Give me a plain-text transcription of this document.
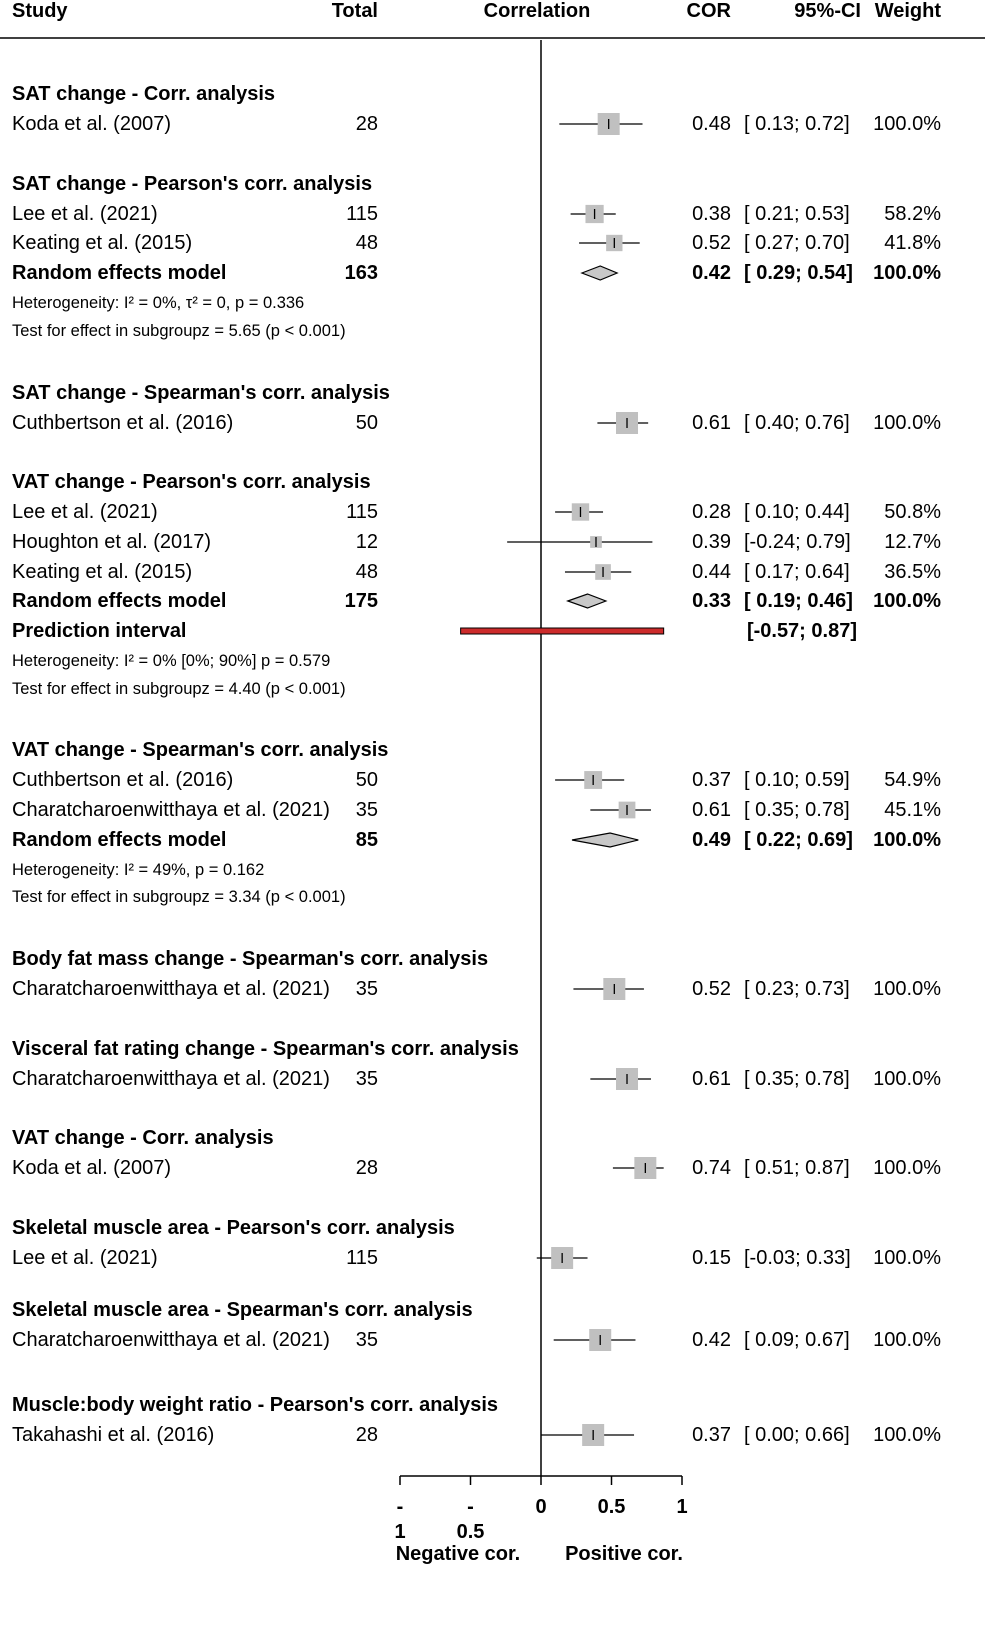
Study	Total	Correlation	COR	95%-CI Weight
SAT change - Corr. analysis
Koda et al. (2007)	28	0.48 [ 0.13; 0.72] 100.0%
SAT change - Pearson's corr. analysis
Lee et al. (2021)	115	0.38 [ 0.21; 0.53] 58.2%
Keating et al. (2015)	48	0.52 [ 0.27; 0.70] 41.8%
Random effects model	163	0.42 [ 0.29; 0.54] 100.0%
Heterogeneity: I² = 0%, τ² = 0, p = 0.336
Test for effect in subgroupz = 5.65 (p < 0.001)
SAT change - Spearman's corr. analysis
Cuthbertson et al. (2016)	50	0.61 [ 0.40; 0.76] 100.0%
VAT change - Pearson's corr. analysis
Lee et al. (2021)	115	0.28 [ 0.10; 0.44] 50.8%
Houghton et al. (2017)	12	0.39 [-0.24; 0.79] 12.7%
Keating et al. (2015)	48	0.44 [ 0.17; 0.64] 36.5%
Random effects model	175	0.33 [ 0.19; 0.46] 100.0%
Prediction interval	[-0.57; 0.87]
Heterogeneity: I² = 0% [0%; 90%] p = 0.579
Test for effect in subgroupz = 4.40 (p < 0.001)
VAT change - Spearman's corr. analysis
Cuthbertson et al. (2016)	50	0.37 [ 0.10; 0.59] 54.9%
Charatcharoenwitthaya et al. (2021) 35	0.61 [ 0.35; 0.78] 45.1%
Random effects model	85	0.49 [ 0.22; 0.69] 100.0%
Heterogeneity: I² = 49%, p = 0.162
Test for effect in subgroupz = 3.34 (p < 0.001)
Body fat mass change - Spearman's corr. analysis
Charatcharoenwitthaya et al. (2021) 35	0.52 [ 0.23; 0.73] 100.0%
Visceral fat rating change - Spearman's corr. analysis
Charatcharoenwitthaya et al. (2021) 35	0.61 [ 0.35; 0.78] 100.0%
VAT change - Corr. analysis
Koda et al. (2007)	28	0.74 [ 0.51; 0.87] 100.0%
Skeletal muscle area - Pearson's corr. analysis
Lee et al. (2021)	115	0.15 [-0.03; 0.33] 100.0%
Skeletal muscle area - Spearman's corr. analysis
Charatcharoenwitthaya et al. (2021) 35	0.42 [ 0.09; 0.67] 100.0%
Muscle:body weight ratio - Pearson's corr. analysis
Takahashi et al. (2016)	28	0.37 [ 0.00; 0.66] 100.0%
-
1
-
0.5
0	0.5	1
Negative cor. Positive cor.
